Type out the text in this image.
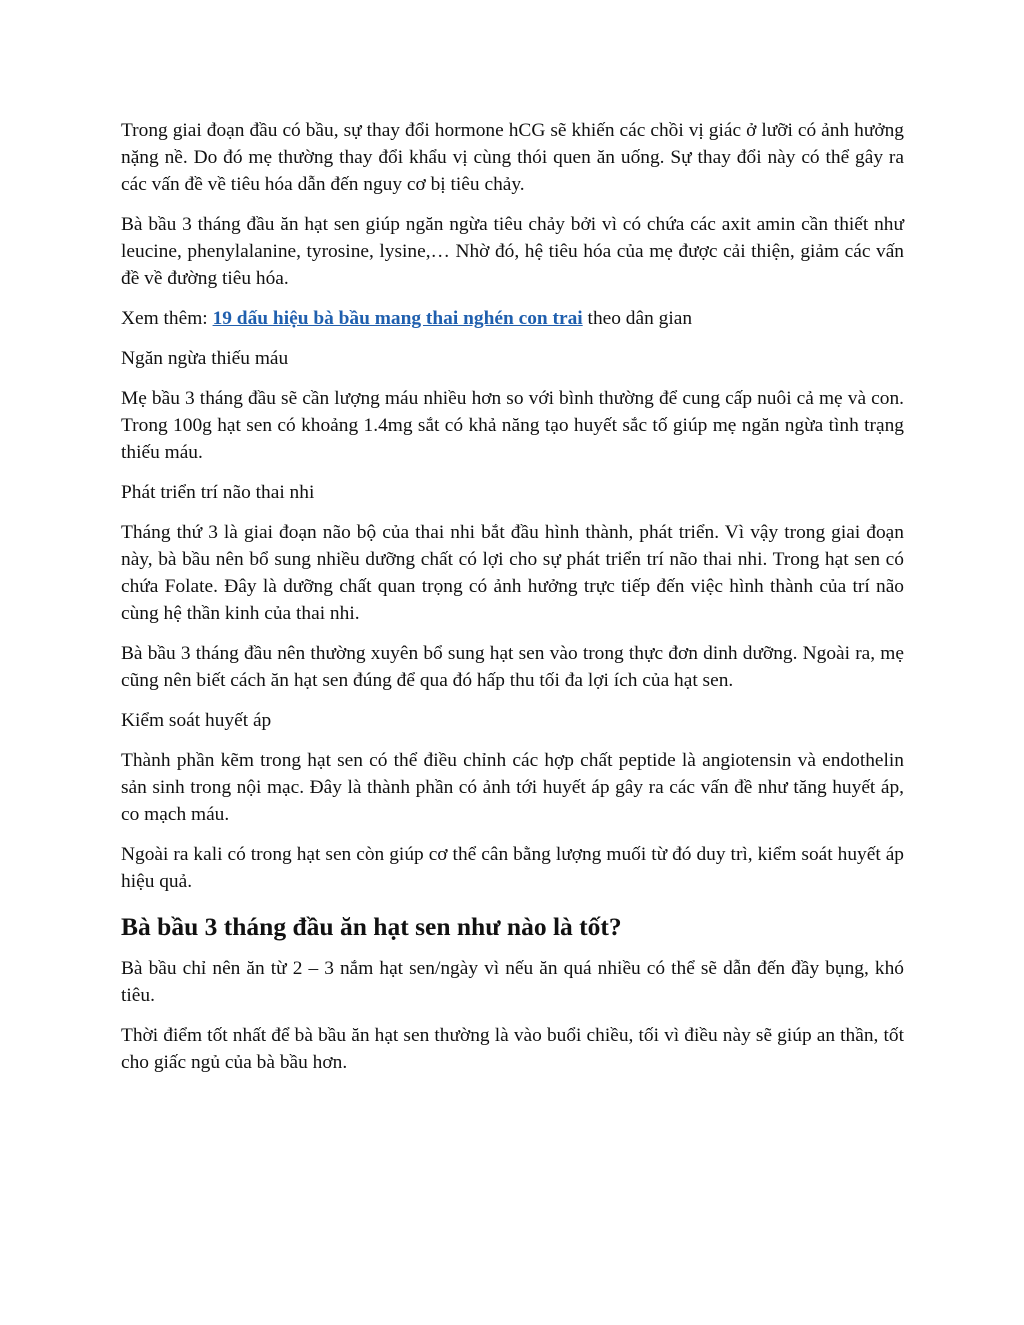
Trong giai đoạn đầu có bầu, sự thay đổi hormone hCG sẽ khiến các chồi vị giác ở lưỡi có ảnh hưởng nặng nề. Do đó mẹ thường thay đổi khẩu vị cùng thói quen ăn uống. Sự thay đổi này có thể gây ra các vấn đề về tiêu hóa dẫn đến nguy cơ bị tiêu chảy.

Bà bầu 3 tháng đầu ăn hạt sen giúp ngăn ngừa tiêu chảy bởi vì có chứa các axit amin cần thiết như leucine, phenylalanine, tyrosine, lysine,… Nhờ đó, hệ tiêu hóa của mẹ được cải thiện, giảm các vấn đề về đường tiêu hóa.

Xem thêm: 19 dấu hiệu bà bầu mang thai nghén con trai theo dân gian

Ngăn ngừa thiếu máu

Mẹ bầu 3 tháng đầu sẽ cần lượng máu nhiều hơn so với bình thường để cung cấp nuôi cả mẹ và con. Trong 100g hạt sen có khoảng 1.4mg sắt có khả năng tạo huyết sắc tố giúp mẹ ngăn ngừa tình trạng thiếu máu.

Phát triển trí não thai nhi

Tháng thứ 3 là giai đoạn não bộ của thai nhi bắt đầu hình thành, phát triển. Vì vậy trong giai đoạn này, bà bầu nên bổ sung nhiều dưỡng chất có lợi cho sự phát triển trí não thai nhi. Trong hạt sen có chứa Folate. Đây là dưỡng chất quan trọng có ảnh hưởng trực tiếp đến việc hình thành của trí não cùng hệ thần kinh của thai nhi.

Bà bầu 3 tháng đầu nên thường xuyên bổ sung hạt sen vào trong thực đơn dinh dưỡng. Ngoài ra, mẹ cũng nên biết cách ăn hạt sen đúng để qua đó hấp thu tối đa lợi ích của hạt sen.

Kiểm soát huyết áp

Thành phần kẽm trong hạt sen có thể điều chỉnh các hợp chất peptide là angiotensin và endothelin sản sinh trong nội mạc. Đây là thành phần có ảnh tới huyết áp gây ra các vấn đề như tăng huyết áp, co mạch máu.

Ngoài ra kali có trong hạt sen còn giúp cơ thể cân bằng lượng muối từ đó duy trì, kiểm soát huyết áp hiệu quả.

Bà bầu 3 tháng đầu ăn hạt sen như nào là tốt?

Bà bầu chỉ nên ăn từ 2 – 3 nắm hạt sen/ngày vì nếu ăn quá nhiều có thể sẽ dẫn đến đầy bụng, khó tiêu.

Thời điểm tốt nhất để bà bầu ăn hạt sen thường là vào buổi chiều, tối vì điều này sẽ giúp an thần, tốt cho giấc ngủ của bà bầu hơn.
